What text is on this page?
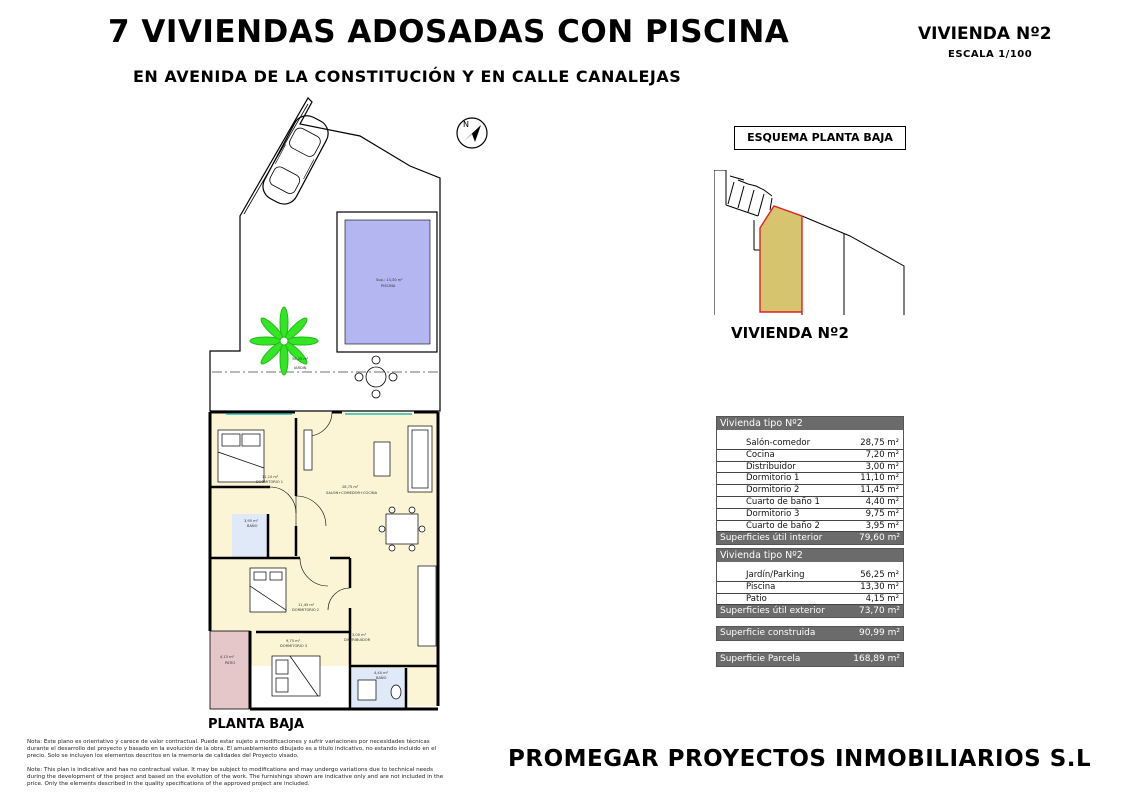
7 VIVIENDAS ADOSADAS CON PISCINA
EN AVENIDA DE LA CONSTITUCIÓN Y EN CALLE CANALEJAS
VIVIENDA Nº2
ESCALA 1/100
N
Sup.: 13,30 m²
PISCINA
56,25 m²
JARDIN
4,15 m²
PATIO
11,10 m²
DORMITORIO 1
3,95 m²
BAÑO
28,75 m²
SALON+COMEDOR+COCINA
11,45 m²
DORMITORIO 2
3,00 m²
DISTRIBUIDOR
9,75 m²
DORMITORIO 3
4,40 m²
BAÑO
ESQUEMA PLANTA BAJA
VIVIENDA Nº2
Vivienda tipo Nº2
Salón-comedor	28,75 m²
Cocina	7,20 m²
Distribuidor	3,00 m²
Dormitorio 1	11,10 m²
Dormitorio 2	11,45 m²
Cuarto de baño 1	4,40 m²
Dormitorio 3	9,75 m²
Cuarto de baño 2	3,95 m²
Superficies útil interior	79,60 m²
Vivienda tipo Nº2
Jardín/Parking	56,25 m²
Piscina	13,30 m²
Patio	4,15 m²
Superficies útil exterior	73,70 m²
Superficie construida	90,99 m²
Superficie Parcela	168,89 m²
PLANTA BAJA
Nota: Este plano es orientativo y carece de valor contractual. Puede estar sujeto a modificaciones y sufrir variaciones por necesidades técnicas durante el desarrollo del proyecto y basado en la evolución de la obra. El amueblamiento dibujado es a título indicativo, no estando incluido en el precio. Solo se incluyen los elementos descritos en la memoria de calidades del Proyecto visado.
Note: This plan is indicative and has no contractual value. It may be subject to modifications and may undergo variations due to technical needs during the development of the project and based on the evolution of the work. The furnishings shown are indicative only and are not included in the price. Only the elements described in the quality specifications of the approved project are included.
PROMEGAR PROYECTOS INMOBILIARIOS S.L
